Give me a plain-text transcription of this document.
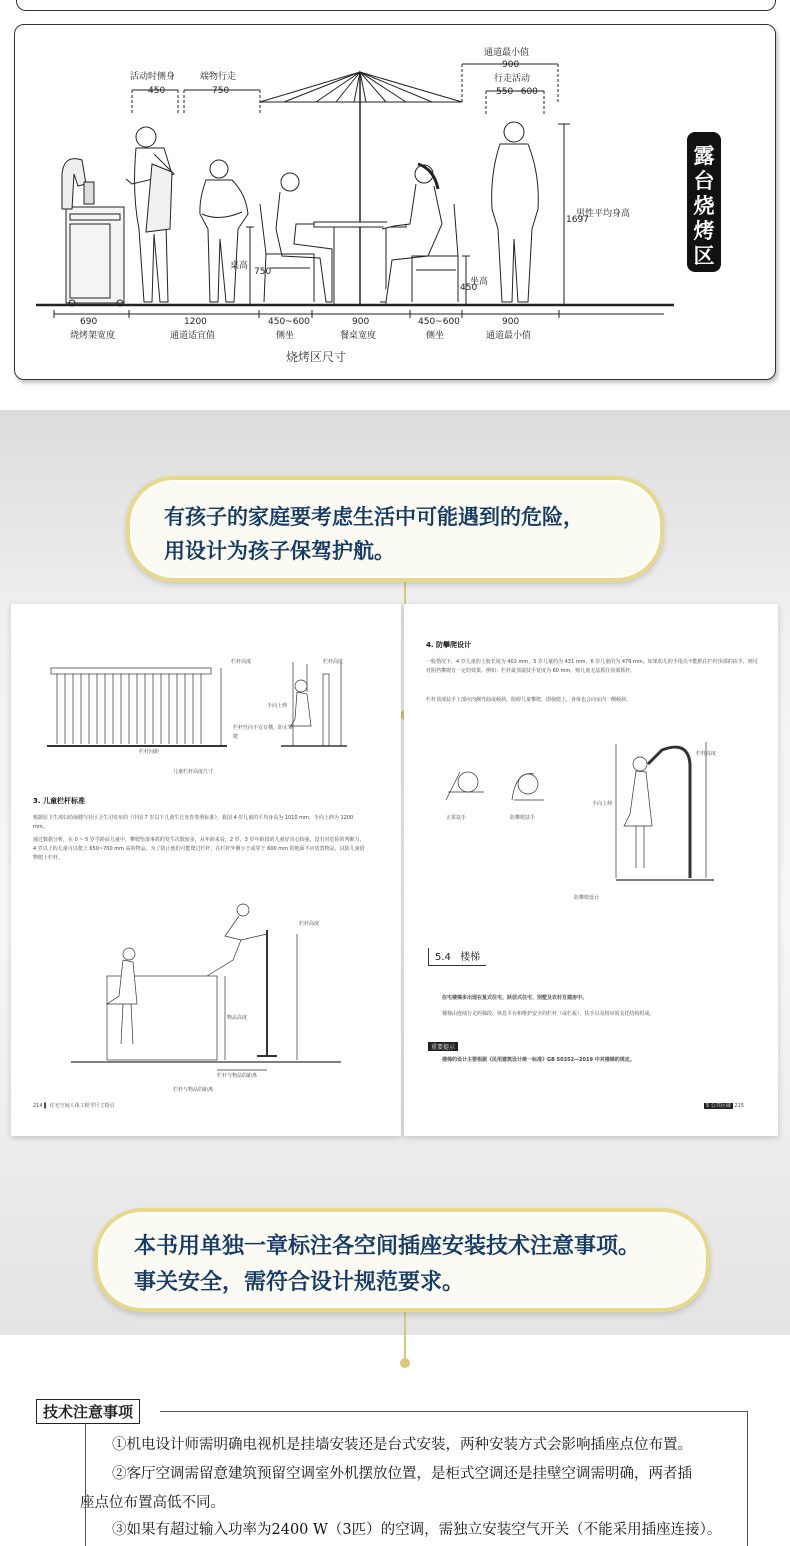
活动时侧身
450
端物行走
750
通道最小值
900
行走活动
550~600
桌高
750
坐高
450
男性平均身高
1697
690	1200	450~600	900	450~600	900
烧烤架宽度	通道适宜值	侧坐	餐桌宽度	侧坐	通道最小值
烧烤区尺寸
露台烧烤区
有孩子的家庭要考虑生活中可能遇到的危险，
用设计为孩子保驾护航。
栏杆高度
栏杆竖向不宜有横，防止攀爬
栏杆间距
手向上伸
栏杆高度
儿童栏杆高度尺寸
3. 儿童栏杆标准
根据原卫生部妇幼保健与社区卫生司发布的《中国 7 岁以下儿童生长发育参照标准》，我国 4 岁儿童的平均身高为 1010 mm，手向上伸为 1200 mm。
通过数据分析，在 0 ~ 5 岁学龄前儿童中，攀爬坠落事故的发生次数较多，从年龄来看，2 岁、3 岁年龄段的儿童好奇心较强，没有对危险的判断力，4 岁以上的儿童可以爬上 650~700 mm 高的物品。为了防止他们可能爬过栏杆，在栏杆外侧小于或等于 600 mm 的地面不应放置物品，以防儿童借物爬上栏杆。
栏杆高度
物品高度
栏杆与物品的距离
栏杆与物品的距离
214 ▌ 住宅空间人体工程学尺寸指引
4. 防攀爬设计
一般情况下，4 岁儿童的上肢长度为 402 mm，5 岁儿童的为 431 mm，6 岁儿童的为 479 mm。如果幼儿的手指尖不能抓住栏杆顶部的扶手，则可对阻挡攀爬有一定的效果。例如：栏杆最顶端扶手宽度为 60 mm，则儿童无法抓住顶部抓杆。
栏杆顶部扶手上部应内侧弯曲或倾斜，阻碍儿童攀爬。即使爬上，身体也会向室内一侧倾斜。
正常扶手	防攀爬扶手
手向上伸
栏杆高度
防攀爬设计
5.4 楼梯
住宅楼梯多出现在复式住宅、跃层式住宅、别墅及农村自建房中。
楼梯由连续行走的梯段、休息平台和维护安全的栏杆（或栏板）、扶手以及相应的支托结构组成。
重要提示
楼梯的设计主要根据《民用建筑设计统一标准》GB 50352—2019 中对楼梯的规定。
5 公共区域 215
本书用单独一章标注各空间插座安装技术注意事项。
事关安全，需符合设计规范要求。
技术注意事项
①机电设计师需明确电视机是挂墙安装还是台式安装，两种安装方式会影响插座点位布置。
②客厅空调需留意建筑预留空调室外机摆放位置，是柜式空调还是挂壁空调需明确，两者插
座点位布置高低不同。
③如果有超过输入功率为2400 W（3匹）的空调，需独立安装空气开关（不能采用插座连接）。
